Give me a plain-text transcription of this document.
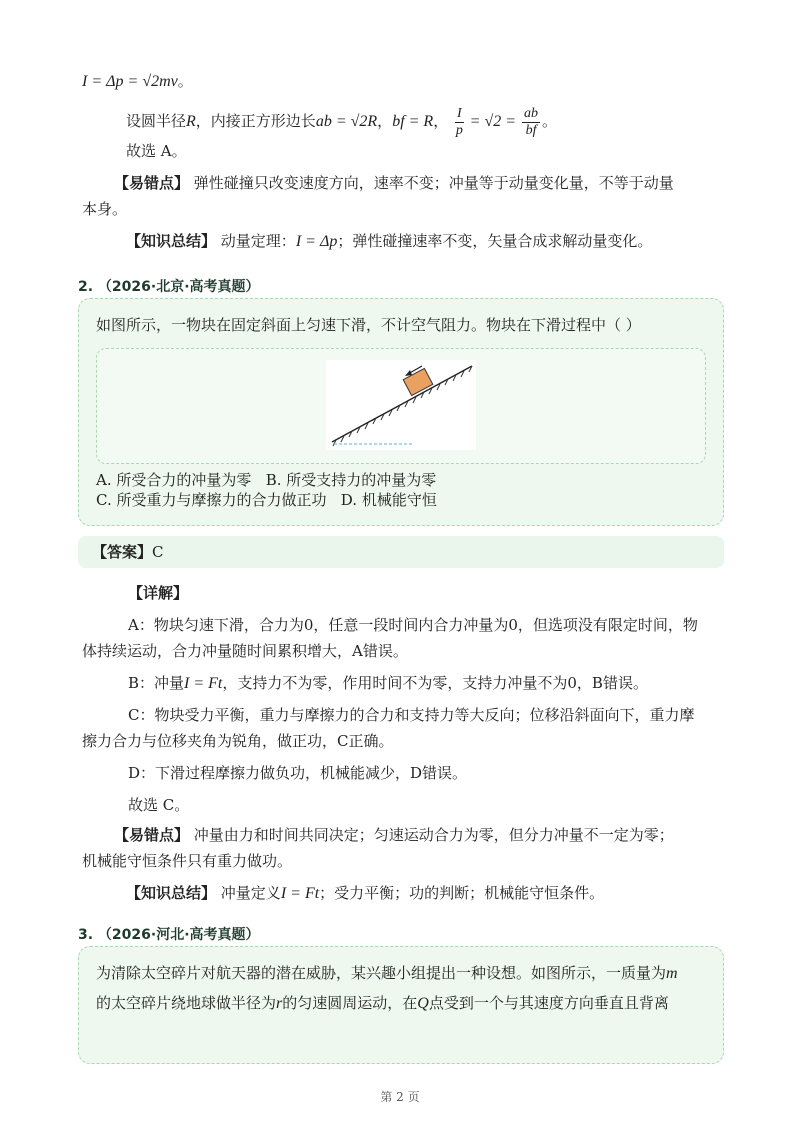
I = Δp = √2mv。
设圆半径R，内接正方形边长ab = √2R，bf = R， $\frac{I}{p} = √2 = \frac{ab}{bf}$ 。
故选 A。
【易错点】 弹性碰撞只改变速度方向，速率不变；冲量等于动量变化量，不等于动量
本身。
【知识总结】 动量定理：I = Δp；弹性碰撞速率不变，矢量合成求解动量变化。
2. （2026·北京·高考真题）
如图所示，一物块在固定斜面上匀速下滑，不计空气阻力。物块在下滑过程中（ ）
A. 所受合力的冲量为零 B. 所受支持力的冲量为零
C. 所受重力与摩擦力的合力做正功 D. 机械能守恒
【答案】C
【详解】
A：物块匀速下滑，合力为0，任意一段时间内合力冲量为0，但选项没有限定时间，物
体持续运动，合力冲量随时间累积增大，A错误。
B：冲量I = Ft，支持力不为零，作用时间不为零，支持力冲量不为0，B错误。
C：物块受力平衡，重力与摩擦力的合力和支持力等大反向；位移沿斜面向下，重力摩
擦力合力与位移夹角为锐角，做正功，C正确。
D：下滑过程摩擦力做负功，机械能减少，D错误。
故选 C。
【易错点】 冲量由力和时间共同决定；匀速运动合力为零，但分力冲量不一定为零；
机械能守恒条件只有重力做功。
【知识总结】 冲量定义I = Ft；受力平衡；功的判断；机械能守恒条件。
3. （2026·河北·高考真题）
为清除太空碎片对航天器的潜在威胁，某兴趣小组提出一种设想。如图所示，一质量为m
的太空碎片绕地球做半径为r的匀速圆周运动，在Q点受到一个与其速度方向垂直且背离
第 2 页
